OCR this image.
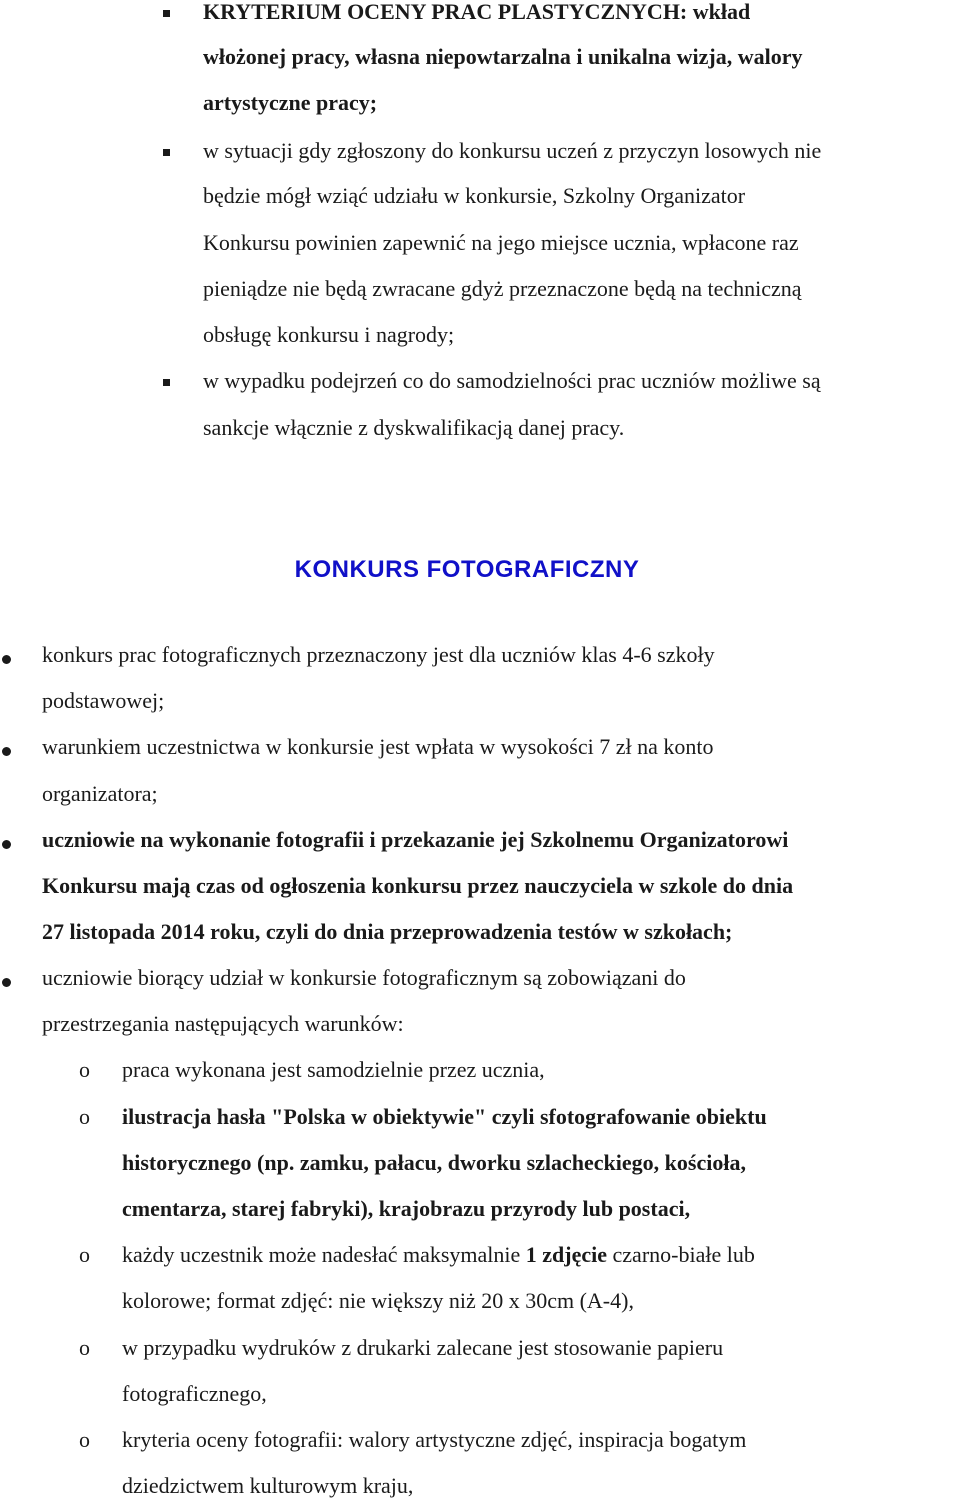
KRYTERIUM OCENY PRAC PLASTYCZNYCH: wkład

włożonej pracy, własna niepowtarzalna i unikalna wizja, walory

artystyczne pracy;

w sytuacji gdy zgłoszony do konkursu uczeń z przyczyn losowych nie

będzie mógł wziąć udziału w konkursie, Szkolny Organizator

Konkursu powinien zapewnić na jego miejsce ucznia, wpłacone raz

pieniądze nie będą zwracane gdyż przeznaczone będą na techniczną

obsługę konkursu i nagrody;

w wypadku podejrzeń co do samodzielności prac uczniów możliwe są

sankcje włącznie z dyskwalifikacją danej pracy.

KONKURS FOTOGRAFICZNY

konkurs prac fotograficznych przeznaczony jest dla uczniów klas 4-6 szkoły

podstawowej;

warunkiem uczestnictwa w konkursie jest wpłata w wysokości 7 zł na konto

organizatora;

uczniowie na wykonanie fotografii i przekazanie jej Szkolnemu Organizatorowi

Konkursu mają czas od ogłoszenia konkursu przez nauczyciela w szkole do dnia

27 listopada 2014 roku, czyli do dnia przeprowadzenia testów w szkołach;

uczniowie biorący udział w konkursie fotograficznym są zobowiązani do

przestrzegania następujących warunków:

o praca wykonana jest samodzielnie przez ucznia,

o ilustracja hasła "Polska w obiektywie" czyli sfotografowanie obiektu

historycznego (np. zamku, pałacu, dworku szlacheckiego, kościoła,

cmentarza, starej fabryki), krajobrazu przyrody lub postaci,

o każdy uczestnik może nadesłać maksymalnie 1 zdjęcie czarno-białe lub

kolorowe; format zdjęć: nie większy niż 20 x 30cm (A-4),

o w przypadku wydruków z drukarki zalecane jest stosowanie papieru

fotograficznego,

o kryteria oceny fotografii: walory artystyczne zdjęć, inspiracja bogatym

dziedzictwem kulturowym kraju,
